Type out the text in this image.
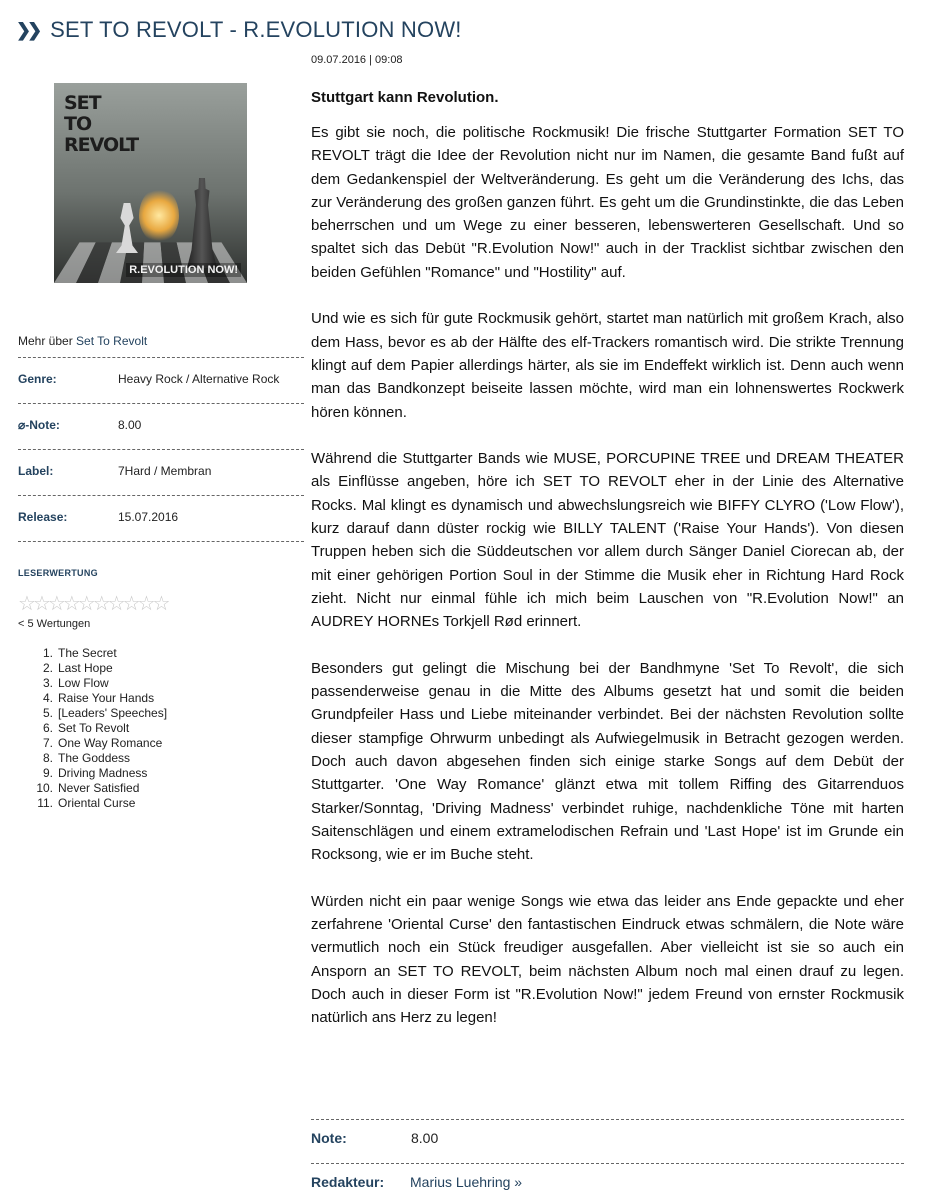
❯❯ SET TO REVOLT - R.EVOLUTION NOW!
09.07.2016 | 09:08
SET
TO
REVOLT
R.EVOLUTION NOW!
Mehr über Set To Revolt
Genre:	Heavy Rock / Alternative Rock
⌀-Note:	8.00
Label:	7Hard / Membran
Release:	15.07.2016
LESERWERTUNG
☆
☆
☆
☆
☆
☆
☆
☆
☆
☆
< 5 Wertungen
1. The Secret
2. Last Hope
3. Low Flow
4. Raise Your Hands
5. [Leaders' Speeches]
6. Set To Revolt
7. One Way Romance
8. The Goddess
9. Driving Madness
10. Never Satisfied
11. Oriental Curse
Stuttgart kann Revolution.

Es gibt sie noch, die politische Rockmusik! Die frische Stuttgarter Formation SET TO REVOLT trägt die Idee der Revolution nicht nur im Namen, die gesamte Band fußt auf dem Gedankenspiel der Weltveränderung. Es geht um die Veränderung des Ichs, das zur Veränderung des großen ganzen führt. Es geht um die Grundinstinkte, die das Leben beherrschen und um Wege zu einer besseren, lebenswerteren Gesellschaft. Und so spaltet sich das Debüt "R.Evolution Now!" auch in der Tracklist sichtbar zwischen den beiden Gefühlen "Romance" und "Hostility" auf.

Und wie es sich für gute Rockmusik gehört, startet man natürlich mit großem Krach, also dem Hass, bevor es ab der Hälfte des elf-Trackers romantisch wird. Die strikte Trennung klingt auf dem Papier allerdings härter, als sie im Endeffekt wirklich ist. Denn auch wenn man das Bandkonzept beiseite lassen möchte, wird man ein lohnenswertes Rockwerk hören können.

Während die Stuttgarter Bands wie MUSE, PORCUPINE TREE und DREAM THEATER als Einflüsse angeben, höre ich SET TO REVOLT eher in der Linie des Alternative Rocks. Mal klingt es dynamisch und abwechslungsreich wie BIFFY CLYRO ('Low Flow'), kurz darauf dann düster rockig wie BILLY TALENT ('Raise Your Hands'). Von diesen Truppen heben sich die Süddeutschen vor allem durch Sänger Daniel Ciorecan ab, der mit einer gehörigen Portion Soul in der Stimme die Musik eher in Richtung Hard Rock zieht. Nicht nur einmal fühle ich mich beim Lauschen von "R.Evolution Now!" an AUDREY HORNEs Torkjell Rød erinnert.

Besonders gut gelingt die Mischung bei der Bandhmyne 'Set To Revolt', die sich passenderweise genau in die Mitte des Albums gesetzt hat und somit die beiden Grundpfeiler Hass und Liebe miteinander verbindet. Bei der nächsten Revolution sollte dieser stampfige Ohrwurm unbedingt als Aufwiegelmusik in Betracht gezogen werden. Doch auch davon abgesehen finden sich einige starke Songs auf dem Debüt der Stuttgarter. 'One Way Romance' glänzt etwa mit tollem Riffing des Gitarrenduos Starker/Sonntag, 'Driving Madness' verbindet ruhige, nachdenkliche Töne mit harten Saitenschlägen und einem extramelodischen Refrain und 'Last Hope' ist im Grunde ein Rocksong, wie er im Buche steht.

Würden nicht ein paar wenige Songs wie etwa das leider ans Ende gepackte und eher zerfahrene 'Oriental Curse' den fantastischen Eindruck etwas schmälern, die Note wäre vermutlich noch ein Stück freudiger ausgefallen. Aber vielleicht ist sie so auch ein Ansporn an SET TO REVOLT, beim nächsten Album noch mal einen drauf zu legen. Doch auch in dieser Form ist "R.Evolution Now!" jedem Freund von ernster Rockmusik natürlich ans Herz zu legen!

Note:	8.00
Redakteur: Marius Luehring »
